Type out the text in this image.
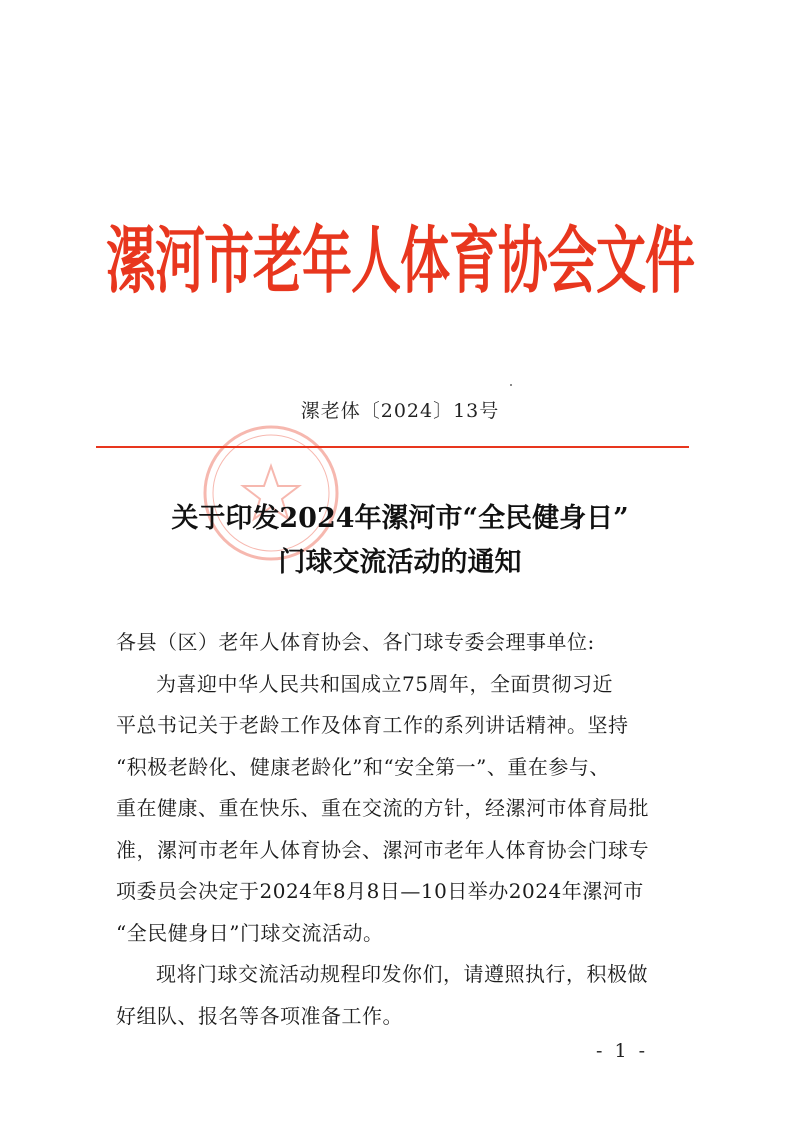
漯河市老年人体育协会文件
漯老体〔2024〕13号
关于印发2024年漯河市“全民健身日”
门球交流活动的通知
各县（区）老年人体育协会、各门球专委会理事单位:
为喜迎中华人民共和国成立75周年，全面贯彻习近
平总书记关于老龄工作及体育工作的系列讲话精神。坚持
“积极老龄化、健康老龄化”和“安全第一”、重在参与、
重在健康、重在快乐、重在交流的方针，经漯河市体育局批
准，漯河市老年人体育协会、漯河市老年人体育协会门球专
项委员会决定于2024年8月8日—10日举办2024年漯河市
“全民健身日”门球交流活动。
现将门球交流活动规程印发你们，请遵照执行，积极做
好组队、报名等各项准备工作。
- 1 -
